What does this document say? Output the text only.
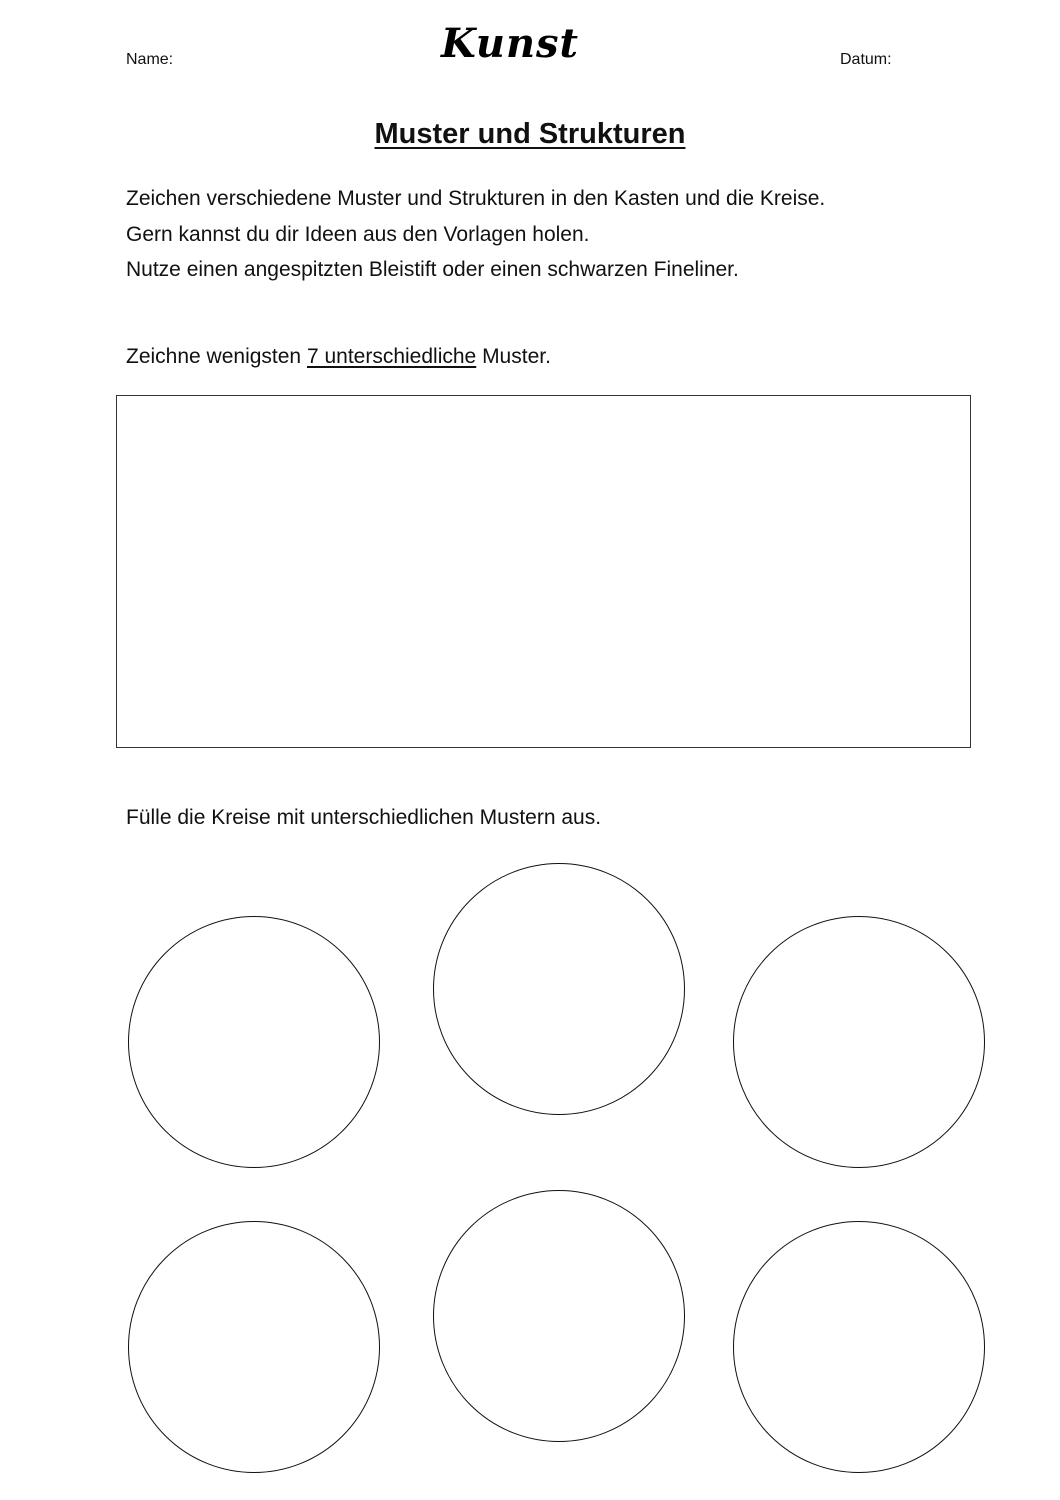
Name:	Kunst	Datum:
Muster und Strukturen
Zeichen verschiedene Muster und Strukturen in den Kasten und die Kreise.
Gern kannst du dir Ideen aus den Vorlagen holen.
Nutze einen angespitzten Bleistift oder einen schwarzen Fineliner.
Zeichne wenigsten 7 unterschiedliche Muster.
Fülle die Kreise mit unterschiedlichen Mustern aus.
